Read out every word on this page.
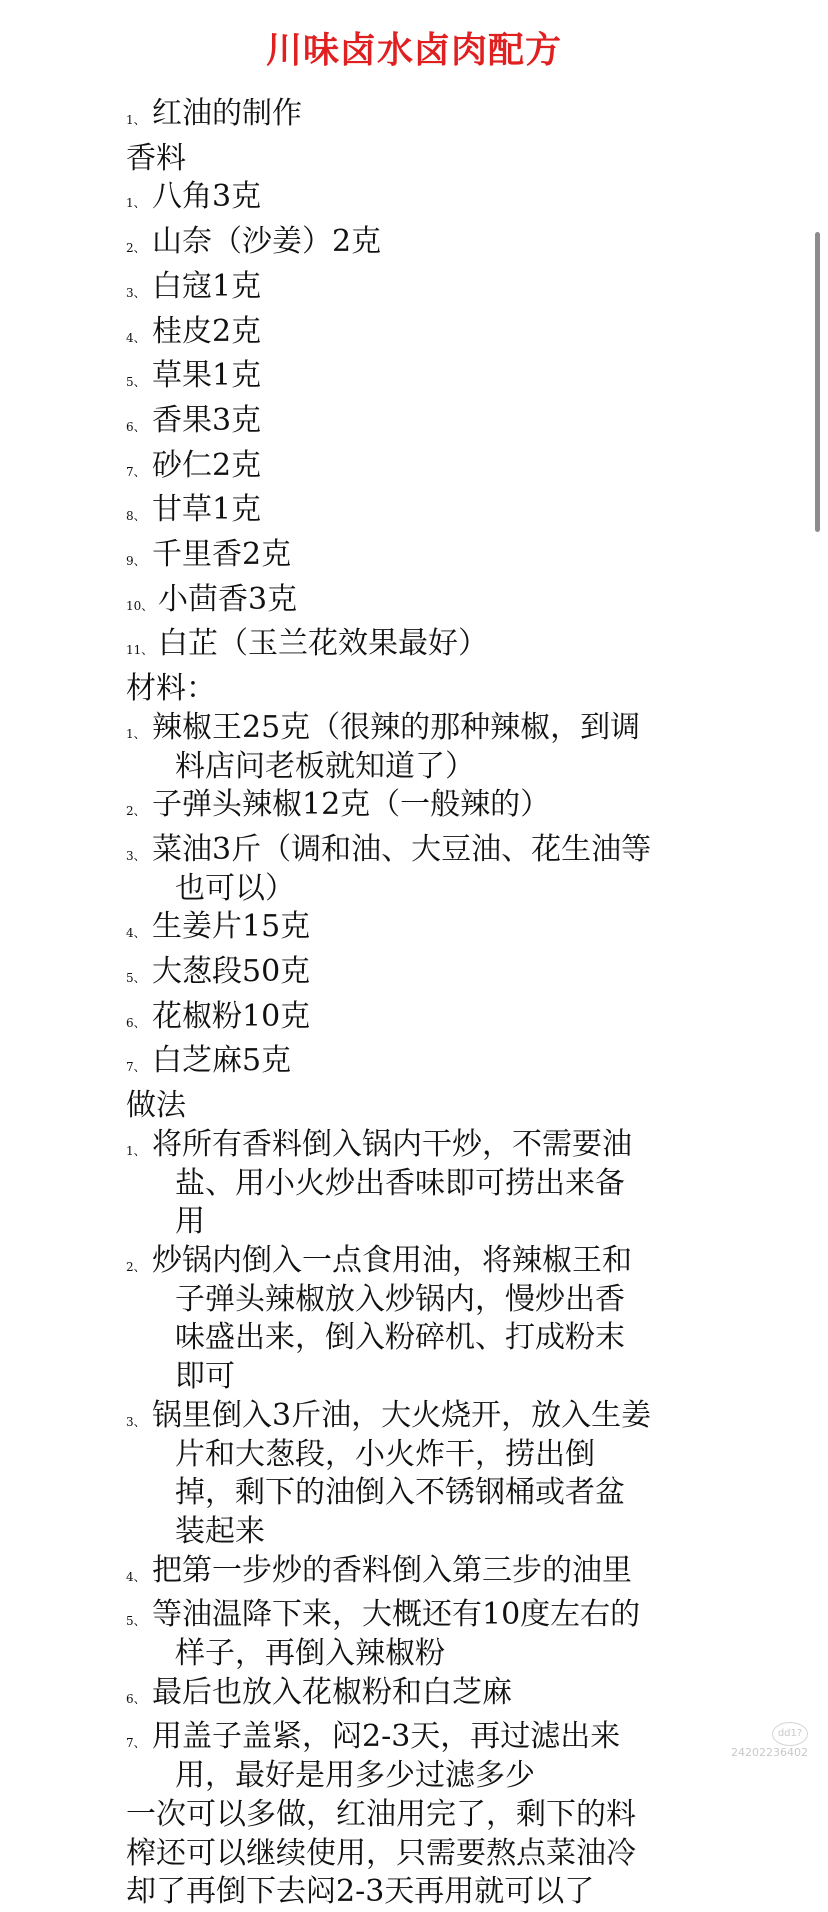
川味卤水卤肉配方
1、 红油的制作
香料
1、 八角3克
2、 山奈（沙姜）2克
3、 白寇1克
4、 桂皮2克
5、 草果1克
6、 香果3克
7、 砂仁2克
8、 甘草1克
9、 千里香2克
10、 小茴香3克
11、 白芷（玉兰花效果最好）
材料：
1、 辣椒王25克（很辣的那种辣椒，到调
料店问老板就知道了）
2、 子弹头辣椒12克（一般辣的）
3、 菜油3斤（调和油、大豆油、花生油等
也可以）
4、 生姜片15克
5、 大葱段50克
6、 花椒粉10克
7、 白芝麻5克
做法
1、 将所有香料倒入锅内干炒，不需要油
盐、用小火炒出香味即可捞出来备
用
2、 炒锅内倒入一点食用油，将辣椒王和
子弹头辣椒放入炒锅内，慢炒出香
味盛出来，倒入粉碎机、打成粉末
即可
3、 锅里倒入3斤油，大火烧开，放入生姜
片和大葱段，小火炸干，捞出倒
掉，剩下的油倒入不锈钢桶或者盆
装起来
4、 把第一步炒的香料倒入第三步的油里
5、 等油温降下来，大概还有10度左右的
样子，再倒入辣椒粉
6、 最后也放入花椒粉和白芝麻
7、 用盖子盖紧，闷2-3天，再过滤出来
用，最好是用多少过滤多少
一次可以多做，红油用完了，剩下的料
榨还可以继续使用，只需要熬点菜油冷
却了再倒下去闷2-3天再用就可以了
dd1?
24202236402
